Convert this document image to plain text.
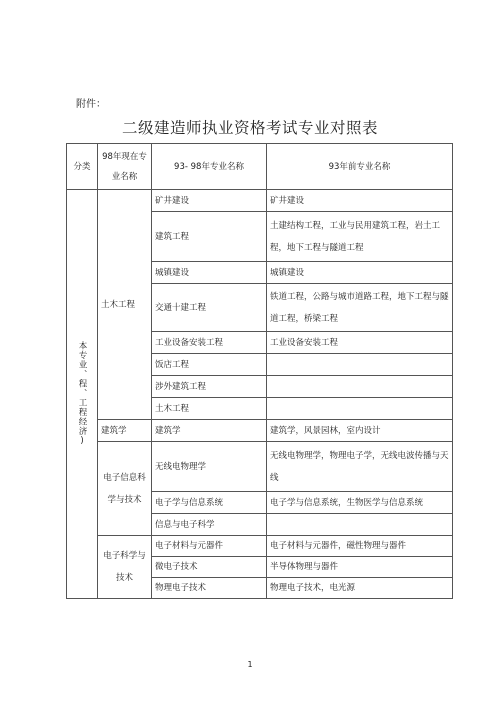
附件：
二级建造师执业资格考试专业对照表
分类	98年现在专业名称	93- 98年专业名称	93年前专业名称

本专业、程、工程经济)	土木工程	矿井建设	矿井建设
		建筑工程	土建结构工程，工业与民用建筑工程，岩土工程，地下工程与隧道工程
		城镇建设	城镇建设
		交通十建工程	铁道工程，公路与城市道路工程，地下工程与隧道工程，桥梁工程
		工业设备安装工程	工业设备安装工程
		饭店工程	
		涉外建筑工程	
		土木工程	
	建筑学	建筑学	建筑学，风景园林，室内设计
	电子信息科学与技术	无线电物理学	无线电物理学，物理电子学，无线电波传播与天线
		电子学与信息系统	电子学与信息系统，生物医学与信息系统
		信息与电子科学	
	电子科学与技术	电子材料与元器件	电子材料与元器件，磁性物理与器件
		微电子技术	半导体物理与器件
		物理电子技术	物理电子技术，电光源
1
